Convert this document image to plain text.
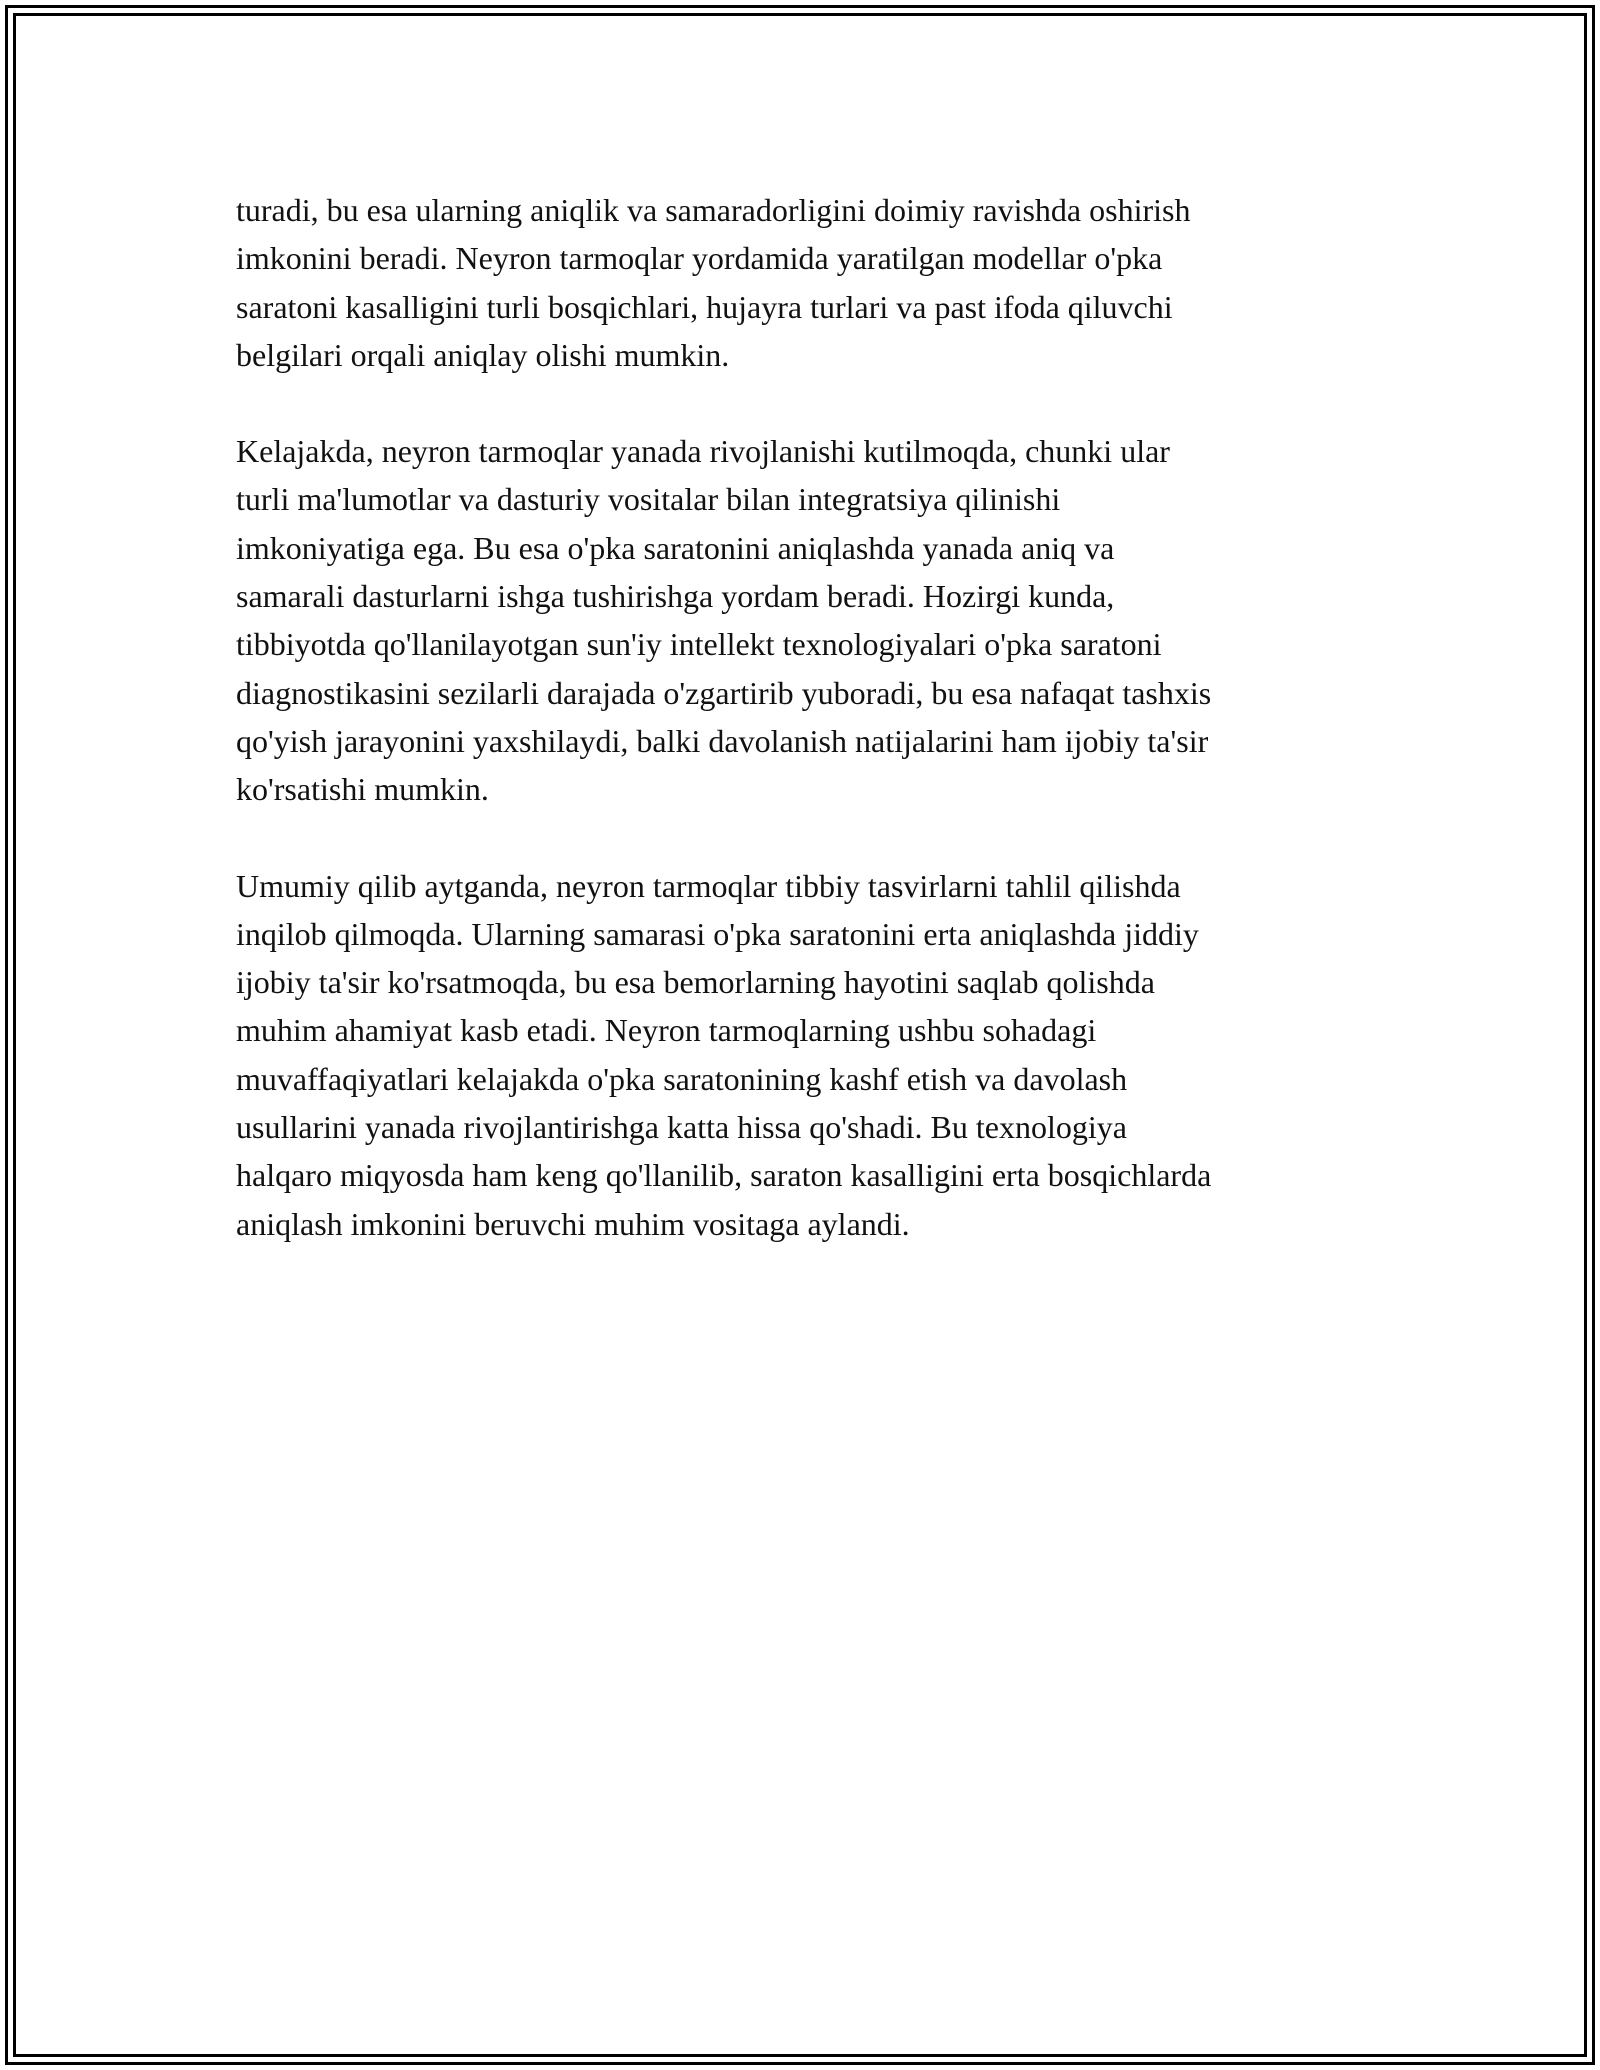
turadi, bu esa ularning aniqlik va samaradorligini doimiy ravishda oshirish
imkonini beradi. Neyron tarmoqlar yordamida yaratilgan modellar o'pka
saratoni kasalligini turli bosqichlari, hujayra turlari va past ifoda qiluvchi
belgilari orqali aniqlay olishi mumkin.

Kelajakda, neyron tarmoqlar yanada rivojlanishi kutilmoqda, chunki ular
turli ma'lumotlar va dasturiy vositalar bilan integratsiya qilinishi
imkoniyatiga ega. Bu esa o'pka saratonini aniqlashda yanada aniq va
samarali dasturlarni ishga tushirishga yordam beradi. Hozirgi kunda,
tibbiyotda qo'llanilayotgan sun'iy intellekt texnologiyalari o'pka saratoni
diagnostikasini sezilarli darajada o'zgartirib yuboradi, bu esa nafaqat tashxis
qo'yish jarayonini yaxshilaydi, balki davolanish natijalarini ham ijobiy ta'sir
ko'rsatishi mumkin.

Umumiy qilib aytganda, neyron tarmoqlar tibbiy tasvirlarni tahlil qilishda
inqilob qilmoqda. Ularning samarasi o'pka saratonini erta aniqlashda jiddiy
ijobiy ta'sir ko'rsatmoqda, bu esa bemorlarning hayotini saqlab qolishda
muhim ahamiyat kasb etadi. Neyron tarmoqlarning ushbu sohadagi
muvaffaqiyatlari kelajakda o'pka saratonining kashf etish va davolash
usullarini yanada rivojlantirishga katta hissa qo'shadi. Bu texnologiya
halqaro miqyosda ham keng qo'llanilib, saraton kasalligini erta bosqichlarda
aniqlash imkonini beruvchi muhim vositaga aylandi.
